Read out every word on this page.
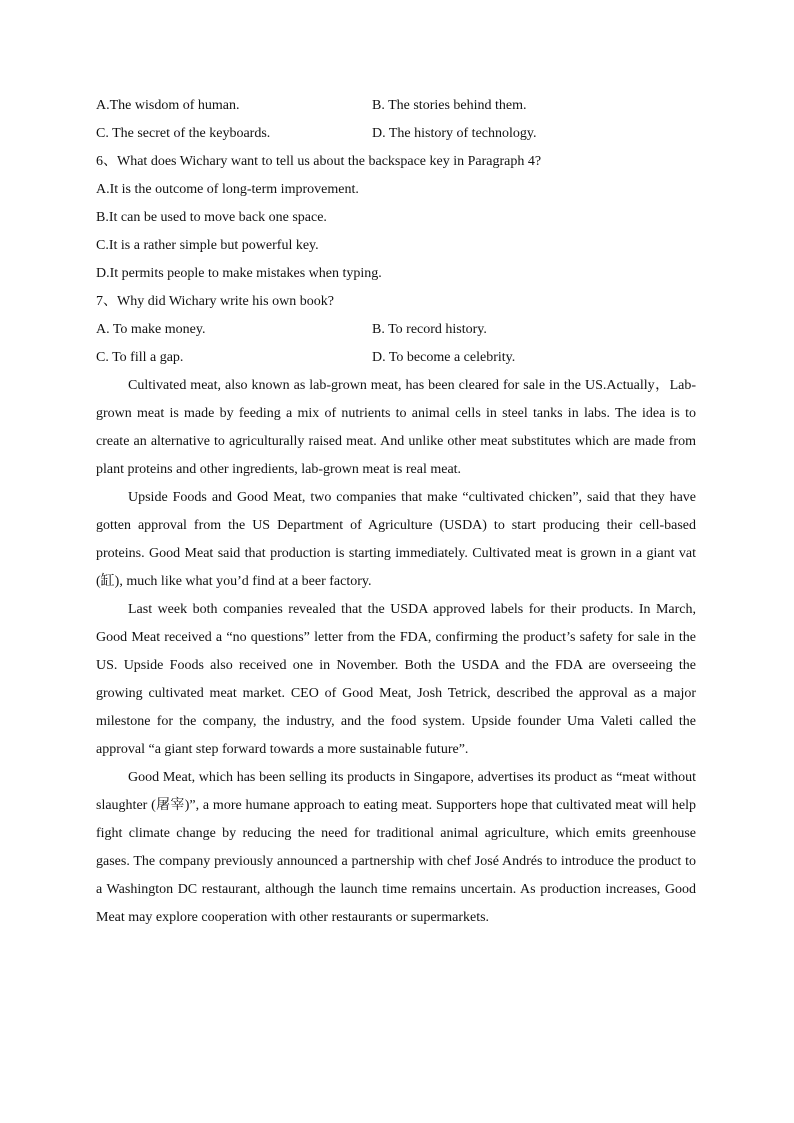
A.The wisdom of human.	B. The stories behind them.
C. The secret of the keyboards.	D. The history of technology.
6、What does Wichary want to tell us about the backspace key in Paragraph 4?
A.It is the outcome of long-term improvement.
B.It can be used to move back one space.
C.It is a rather simple but powerful key.
D.It permits people to make mistakes when typing.
7、Why did Wichary write his own book?
A. To make money.	B. To record history.
C. To fill a gap.	D. To become a celebrity.

Cultivated meat, also known as lab-grown meat, has been cleared for sale in the US.Actually，Lab-grown meat is made by feeding a mix of nutrients to animal cells in steel tanks in labs. The idea is to create an alternative to agriculturally raised meat. And unlike other meat substitutes which are made from plant proteins and other ingredients, lab-grown meat is real meat.

Upside Foods and Good Meat, two companies that make “cultivated chicken”, said that they have gotten approval from the US Department of Agriculture (USDA) to start producing their cell-based proteins. Good Meat said that production is starting immediately. Cultivated meat is grown in a giant vat (缸), much like what you’d find at a beer factory.

Last week both companies revealed that the USDA approved labels for their products. In March, Good Meat received a “no questions” letter from the FDA, confirming the product’s safety for sale in the US. Upside Foods also received one in November. Both the USDA and the FDA are overseeing the growing cultivated meat market. CEO of Good Meat, Josh Tetrick, described the approval as a major milestone for the company, the industry, and the food system. Upside founder Uma Valeti called the approval “a giant step forward towards a more sustainable future”.

Good Meat, which has been selling its products in Singapore, advertises its product as “meat without slaughter (屠宰)”, a more humane approach to eating meat. Supporters hope that cultivated meat will help fight climate change by reducing the need for traditional animal agriculture, which emits greenhouse gases. The company previously announced a partnership with chef José Andrés to introduce the product to a Washington DC restaurant, although the launch time remains uncertain. As production increases, Good Meat may explore cooperation with other restaurants or supermarkets.
